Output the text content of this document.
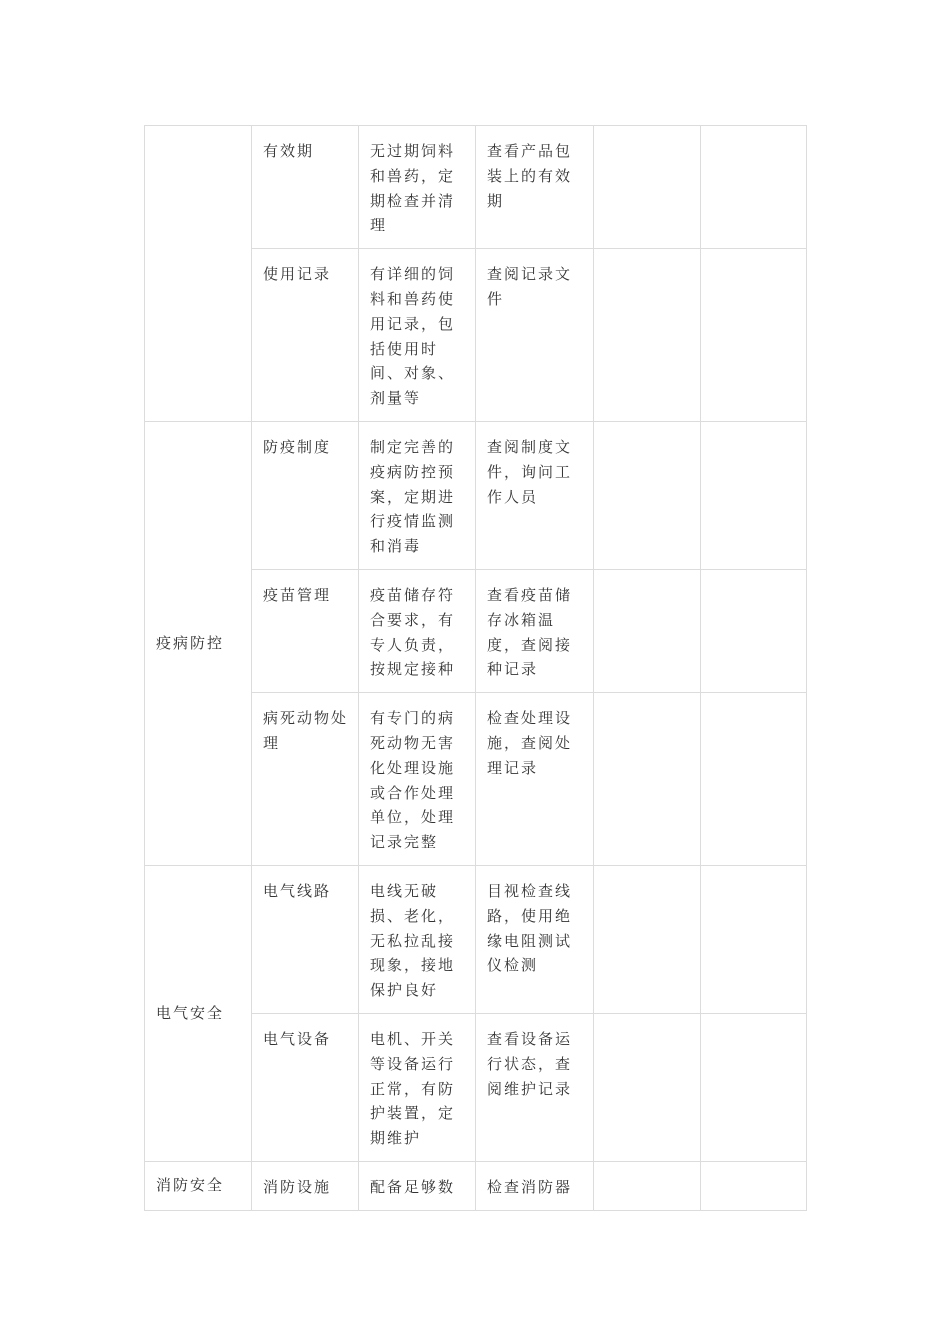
	有效期	无过期饲料和兽药，定期检查并清理	查看产品包装上的有效期		
	使用记录	有详细的饲料和兽药使用记录，包括使用时间、对象、剂量等	查阅记录文件		
疫病防控	防疫制度	制定完善的疫病防控预案，定期进行疫情监测和消毒	查阅制度文件，询问工作人员		
	疫苗管理	疫苗储存符合要求，有专人负责，按规定接种	查看疫苗储存冰箱温度，查阅接种记录		
	病死动物处理	有专门的病死动物无害化处理设施或合作处理单位，处理记录完整	检查处理设施，查阅处理记录		
电气安全	电气线路	电线无破损、老化，无私拉乱接现象，接地保护良好	目视检查线路，使用绝缘电阻测试仪检测		
	电气设备	电机、开关等设备运行正常，有防护装置，定期维护	查看设备运行状态，查阅维护记录		
消防安全	消防设施	配备足够数	检查消防器		
